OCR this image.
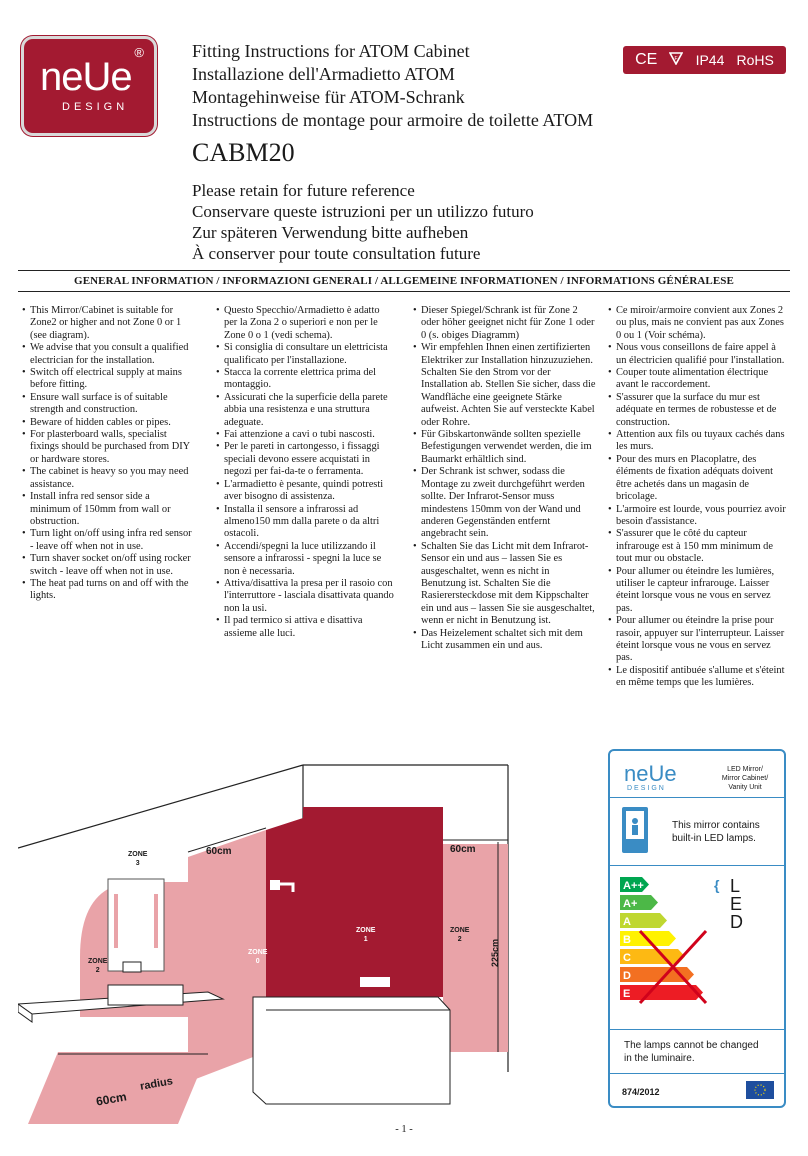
neUe
DESIGN
®	Fitting Instructions for ATOM Cabinet
Installazione dell'Armadietto ATOM
Montagehinweise für ATOM-Schrank
Instructions de montage pour armoire de toilette ATOM
CABM20
Please retain for future reference
Conservare queste istruzioni per un utilizzo futuro
Zur späteren Verwendung bitte aufheben
À conserver pour toute consultation future
CE	F IP44 RoHS
GENERAL INFORMATION / INFORMAZIONI GENERALI / ALLGEMEINE INFORMATIONEN / INFORMATIONS GÉNÉRALESE
• This Mirror/Cabinet is suitable for Zone2 or higher and not Zone 0 or 1 (see diagram).
• We advise that you consult a qualified electrician for the installation.
• Switch off electrical supply at mains before fitting.
• Ensure wall surface is of suitable strength and construction.
• Beware of hidden cables or pipes.
• For plasterboard walls, specialist fixings should be purchased from DIY or hardware stores.
• The cabinet is heavy so you may need assistance.
• Install infra red sensor side a minimum of 150mm from wall or obstruction.
• Turn light on/off using infra red sensor - leave off when not in use.
• Turn shaver socket on/off using rocker switch - leave off when not in use.
• The heat pad turns on and off with the lights.
• Questo Specchio/Armadietto è adatto per la Zona 2 o superiori e non per le Zone 0 o 1 (vedi schema).
• Si consiglia di consultare un elettricista qualificato per l'installazione.
• Stacca la corrente elettrica prima del montaggio.
• Assicurati che la superficie della parete abbia una resistenza e una struttura adeguate.
• Fai attenzione a cavi o tubi nascosti.
• Per le pareti in cartongesso, i fissaggi speciali devono essere acquistati in negozi per fai-da-te o ferramenta.
• L'armadietto è pesante, quindi potresti aver bisogno di assistenza.
• Installa il sensore a infrarossi ad almeno150 mm dalla parete o da altri ostacoli.
• Accendi/spegni la luce utilizzando il sensore a infrarossi - spegni la luce se non è necessaria.
• Attiva/disattiva la presa per il rasoio con l'interruttore - lasciala disattivata quando non la usi.
• Il pad termico si attiva e disattiva assieme alle luci.
• Dieser Spiegel/Schrank ist für Zone 2 oder höher geeignet nicht für Zone 1 oder 0 (s. obiges Diagramm)
• Wir empfehlen Ihnen einen zertifizierten Elektriker zur Installation hinzuzuziehen. Schalten Sie den Strom vor der Installation ab. Stellen Sie sicher, dass die Wandfläche eine geeignete Stärke aufweist. Achten Sie auf versteckte Kabel oder Rohre.
• Für Gibskartonwände sollten spezielle Befestigungen verwendet werden, die im Baumarkt erhältlich sind.
• Der Schrank ist schwer, sodass die Montage zu zweit durchgeführt werden sollte. Der Infrarot-Sensor muss mindestens 150mm von der Wand und anderen Gegenständen entfernt angebracht sein.
• Schalten Sie das Licht mit dem Infrarot-Sensor ein und aus – lassen Sie es ausgeschaltet, wenn es nicht in Benutzung ist. Schalten Sie die Rasierersteckdose mit dem Kippschalter ein und aus – lassen Sie sie ausgeschaltet, wenn er nicht in Benutzung ist.
• Das Heizelement schaltet sich mit dem Licht zusammen ein und aus.
• Ce miroir/armoire convient aux Zones 2 ou plus, mais ne convient pas aux Zones 0 ou 1 (Voir schéma).
• Nous vous conseillons de faire appel à un électricien qualifié pour l'installation.
• Couper toute alimentation électrique avant le raccordement.
• S'assurer que la surface du mur est adéquate en termes de robustesse et de construction.
• Attention aux fils ou tuyaux cachés dans les murs.
• Pour des murs en Placoplatre, des éléments de fixation adéquats doivent être achetés dans un magasin de bricolage.
• L'armoire est lourde, vous pourriez avoir besoin d'assistance.
• S'assurer que le côté du capteur infrarouge est à 150 mm minimum de tout mur ou obstacle.
• Pour allumer ou éteindre les lumières, utiliser le capteur infrarouge. Laisser éteint lorsque vous ne vous en servez pas.
• Pour allumer ou éteindre la prise pour rasoir, appuyer sur l'interrupteur. Laisser éteint lorsque vous ne vous en servez pas.
• Le dispositif antibuée s'allume et s'éteint en même temps que les lumières.
ZONE
3
ZONE
2
ZONE
1
ZONE
0
ZONE
2
60cm	60cm
225cm
60cm
radius
neUe
DESIGN
LED Mirror/
Mirror Cabinet/
Vanity Unit
This mirror contains
built-in LED lamps.
A++
A+
A
B
C
D
E
{ L
E
D
The lamps cannot be changed
in the luminaire.
874/2012
- 1 -
